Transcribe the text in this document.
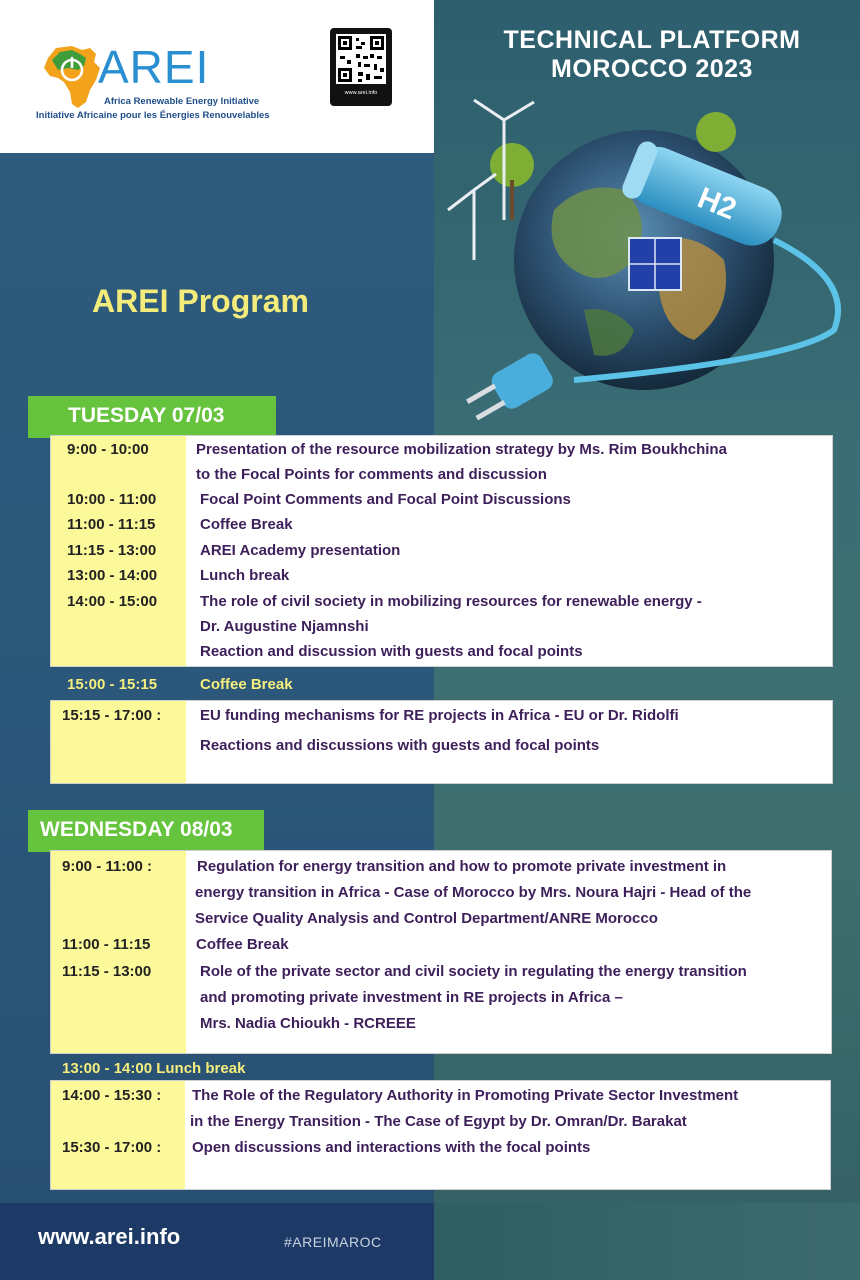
AREI
Africa Renewable Energy Initiative
Initiative Africaine pour les Énergies Renouvelables
www.arei.info
TECHNICAL PLATFORM
MOROCCO 2023
H2
AREI Program
TUESDAY 07/03
9:00 - 10:00	Presentation of the resource mobilization strategy by Ms. Rim Boukhchina
to the Focal Points for comments and discussion
10:00 - 11:00	Focal Point Comments and Focal Point Discussions
11:00 - 11:15	Coffee Break
11:15 - 13:00	AREI Academy presentation
13:00 - 14:00	Lunch break
14:00 - 15:00	The role of civil society in mobilizing resources for renewable energy -
Dr. Augustine Njamnshi
Reaction and discussion with guests and focal points
15:00 - 15:15	Coffee Break
15:15 - 17:00 :	EU funding mechanisms for RE projects in Africa - EU or Dr. Ridolfi
Reactions and discussions with guests and focal points
WEDNESDAY 08/03
9:00 - 11:00 :	Regulation for energy transition and how to promote private investment in
energy transition in Africa - Case of Morocco by Mrs. Noura Hajri - Head of the
Service Quality Analysis and Control Department/ANRE Morocco
11:00 - 11:15	Coffee Break
11:15 - 13:00	Role of the private sector and civil society in regulating the energy transition
and promoting private investment in RE projects in Africa –
Mrs. Nadia Chioukh - RCREEE
13:00 - 14:00 Lunch break
14:00 - 15:30 : The Role of the Regulatory Authority in Promoting Private Sector Investment
in the Energy Transition - The Case of Egypt by Dr. Omran/Dr. Barakat
15:30 - 17:00 : Open discussions and interactions with the focal points
www.arei.info	#AREIMAROC
